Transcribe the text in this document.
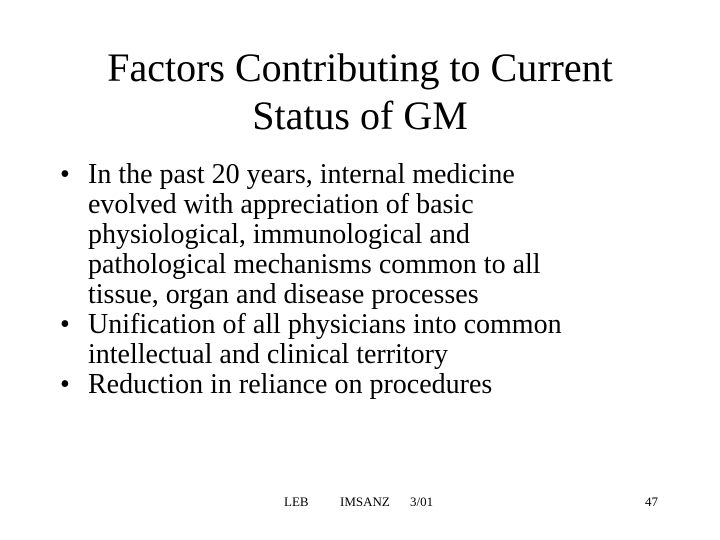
Factors Contributing to Current
Status of GM
• In the past 20 years, internal medicine
evolved with appreciation of basic
physiological, immunological and
pathological mechanisms common to all
tissue, organ and disease processes
• Unification of all physicians into common
intellectual and clinical territory
• Reduction in reliance on procedures
LEB IMSANZ 3/01	47
